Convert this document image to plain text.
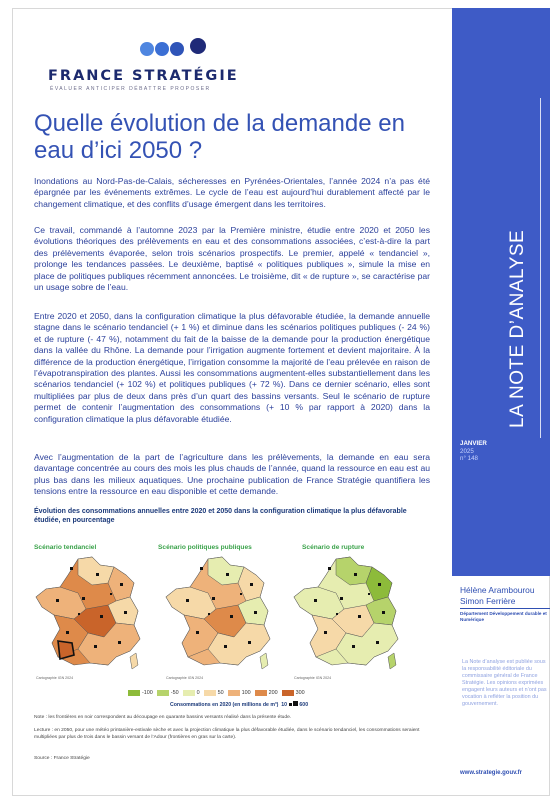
FRANCE STRATÉGIE
ÉVALUER ANTICIPER DÉBATTRE PROPOSER
Quelle évolution de la demande en eau d’ici 2050 ?

Inondations au Nord-Pas-de-Calais, sécheresses en Pyrénées-Orientales, l’année 2024 n’a pas été épargnée par les événements extrêmes. Le cycle de l’eau est aujourd’hui durablement affecté par le changement climatique, et des conflits d’usage émergent dans les territoires.

Ce travail, commandé à l’automne 2023 par la Première ministre, étudie entre 2020 et 2050 les évolutions théoriques des prélèvements en eau et des consommations associées, c’est-à-dire la part des prélèvements évaporée, selon trois scénarios prospectifs. Le premier, appelé « tendanciel », prolonge les tendances passées. Le deuxième, baptisé « politiques publiques », simule la mise en place de politiques publiques récemment annoncées. Le troisième, dit « de rupture », se caractérise par un usage sobre de l’eau.

Entre 2020 et 2050, dans la configuration climatique la plus défavorable étudiée, la demande annuelle stagne dans le scénario tendanciel (+ 1 %) et diminue dans les scénarios politiques publiques (- 24 %) et de rupture (- 47 %), notamment du fait de la baisse de la demande pour la production énergétique dans la vallée du Rhône. La demande pour l’irrigation augmente fortement et devient majoritaire. À la différence de la production énergétique, l’irrigation consomme la majorité de l’eau prélevée en raison de l’évapotranspiration des plantes. Aussi les consommations augmentent-elles substantiellement dans les scénarios tendanciel (+ 102 %) et politiques publiques (+ 72 %). Dans ce dernier scénario, elles sont multipliées par plus de deux dans près d’un quart des bassins versants. Seul le scénario de rupture permet de contenir l’augmentation des consommations (+ 10 % par rapport à 2020) dans la configuration climatique la plus défavorable étudiée.

Avec l’augmentation de la part de l’agriculture dans les prélèvements, la demande en eau sera davantage concentrée au cours des mois les plus chauds de l’année, quand la ressource en eau est au plus bas dans les milieux aquatiques. Une prochaine publication de France Stratégie quantifiera les tensions entre la ressource en eau disponible et cette demande.

Évolution des consommations annuelles entre 2020 et 2050 dans la configuration climatique la plus défavorable étudiée, en pourcentage
Scénario tendanciel	Scénario politiques publiques	Scénario de rupture
Cartographie IGN 2024	Cartographie IGN 2024	Cartographie IGN 2024
-100	-50	0	50	100	200	300
Consommations en 2020 (en millions de m³) 10 600
Note : les frontières en noir correspondent au découpage en quarante bassins versants réalisé dans la présente étude.
Lecture : en 2050, pour une météo printanière-estivale sèche et avec la projection climatique la plus défavorable étudiée, dans le scénario tendanciel, les consommations seraient multipliées par plus de trois dans le bassin versant de l’Adour (frontières en gras sur la carte).
Source : France Stratégie
LA NOTE D’ANALYSE
JANVIER
2025
n° 148
Hélène Arambourou
Simon Ferrière
Département Développement durable et Numérique
La Note d’analyse est publiée sous la responsabilité éditoriale du commissaire général de France Stratégie. Les opinions exprimées engagent leurs auteurs et n’ont pas vocation à refléter la position du gouvernement.
www.strategie.gouv.fr
